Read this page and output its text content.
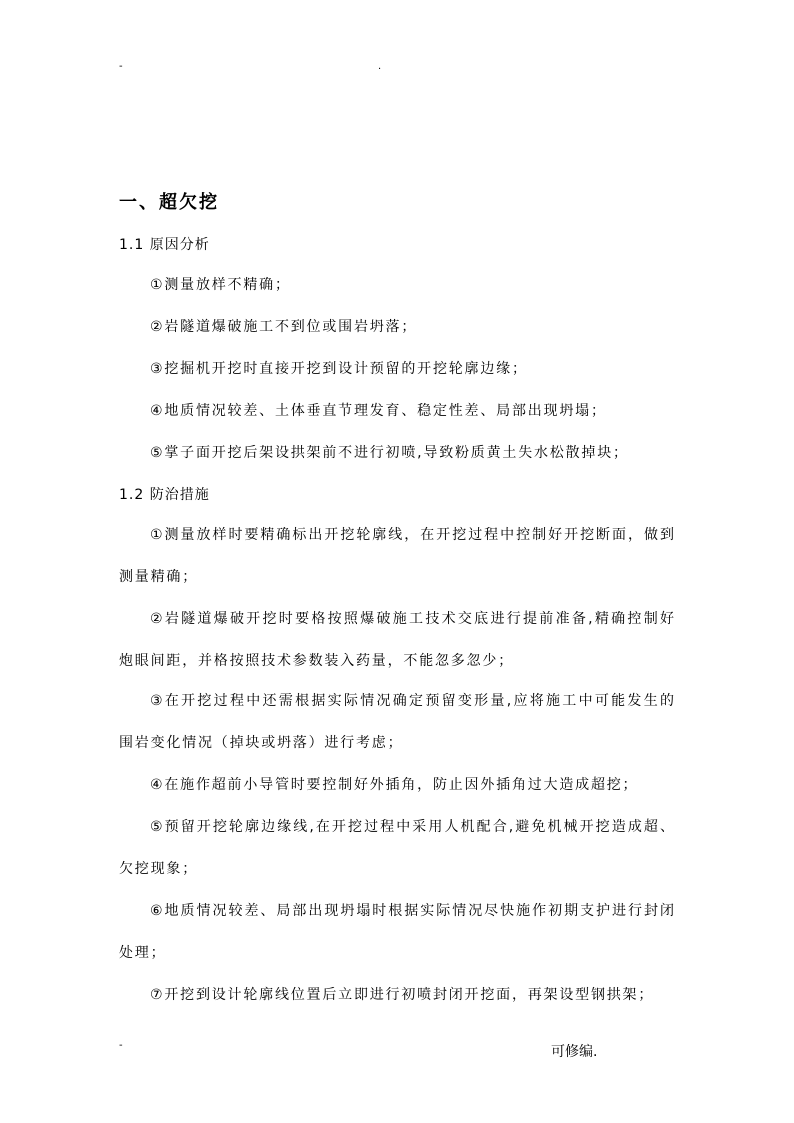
-	.
一、超欠挖
1.1 原因分析
①测量放样不精确；
②岩隧道爆破施工不到位或围岩坍落；
③挖掘机开挖时直接开挖到设计预留的开挖轮廓边缘；
④地质情况较差、土体垂直节理发育、稳定性差、局部出现坍塌；
⑤掌子面开挖后架设拱架前不进行初喷,导致粉质黄土失水松散掉块；
1.2 防治措施
①测量放样时要精确标出开挖轮廓线，在开挖过程中控制好开挖断面，做到
测量精确；
②岩隧道爆破开挖时要格按照爆破施工技术交底进行提前准备,精确控制好
炮眼间距，并格按照技术参数装入药量，不能忽多忽少；
③在开挖过程中还需根据实际情况确定预留变形量,应将施工中可能发生的
围岩变化情况（掉块或坍落）进行考虑；
④在施作超前小导管时要控制好外插角，防止因外插角过大造成超挖；
⑤预留开挖轮廓边缘线,在开挖过程中采用人机配合,避免机械开挖造成超、
欠挖现象；
⑥地质情况较差、局部出现坍塌时根据实际情况尽快施作初期支护进行封闭
处理；
⑦开挖到设计轮廓线位置后立即进行初喷封闭开挖面，再架设型钢拱架；
-	可修编.
